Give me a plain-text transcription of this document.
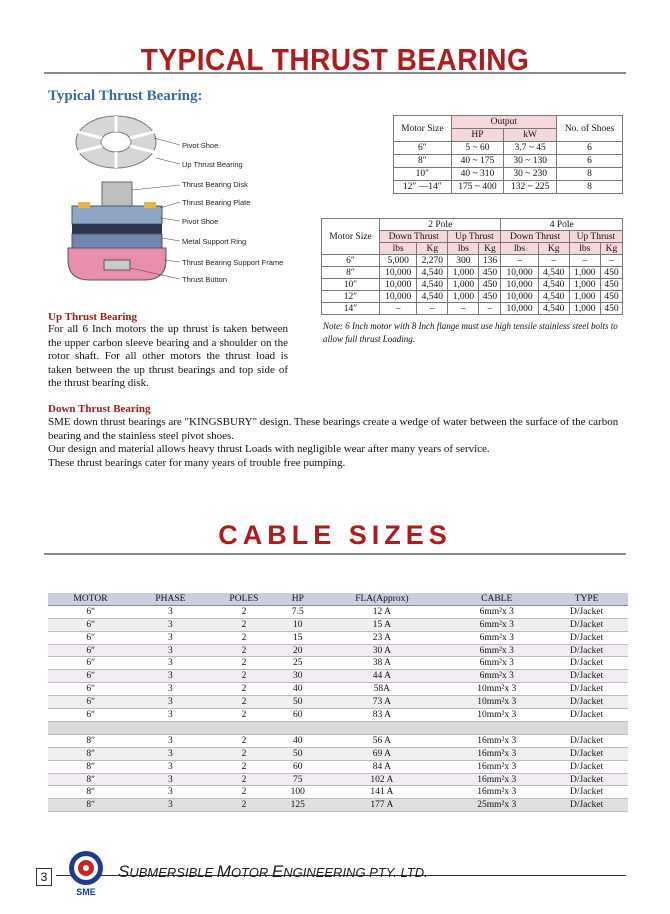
TYPICAL THRUST BEARING
Typical Thrust Bearing:
Pivot Shoe
Up Thrust Bearing
Thrust Bearing Disk
Thrust Bearing Plate
Pivot Shoe
Metal Support Ring
Thrust Bearing Support Frame
Thrust Button
Motor Size	Output		No. of Shoes
	HP	kW	
6″	5 ~ 60	3.7 ~ 45	6
8″	40 ~ 175	30 ~ 130	6
10″	40 ~ 310	30 ~ 230	8
12″ —14″	175 ~ 400	132 ~ 225	8
Motor Size	2 Pole				4 Pole			
	Down Thrust		Up Thrust		Down Thrust		Up Thrust	
	lbs	Kg	lbs	Kg	lbs	Kg	lbs	Kg
6″	5,000	2,270	300	136	–	–	–	–
8″	10,000	4,540	1,000	450	10,000	4,540	1,000	450
10″	10,000	4,540	1,000	450	10,000	4,540	1,000	450
12″	10,000	4,540	1,000	450	10,000	4,540	1,000	450
14″	–	–	–	–	10,000	4,540	1,000	450
Note: 6 Inch motor with 8 Inch flange must use high tensile stainless steel bolts to allow full thrust Loading.
Up Thrust Bearing
For all 6 Inch motors the up thrust is taken between the upper carbon sleeve bearing and a shoulder on the rotor shaft. For all other motors the thrust load is taken between the up thrust bearings and top side of the thrust bearing disk.
Down Thrust Bearing
SME down thrust bearings are "KINGSBURY" design. These bearings create a wedge of water between the surface of the carbon bearing and the stainless steel pivot shoes.
Our design and material allows heavy thrust Loads with negligible wear after many years of service.
These thrust bearings cater for many years of trouble free pumping.
CABLE SIZES
MOTOR	PHASE	POLES	HP	FLA(Approx)	CABLE	TYPE
6ʺ	3	2	7.5	12 A	6mm²x 3	D/Jacket
6ʺ	3	2	10	15 A	6mm²x 3	D/Jacket
6ʺ	3	2	15	23 A	6mm²x 3	D/Jacket
6ʺ	3	2	20	30 A	6mm²x 3	D/Jacket
6ʺ	3	2	25	38 A	6mm²x 3	D/Jacket
6ʺ	3	2	30	44 A	6mm²x 3	D/Jacket
6ʺ	3	2	40	58A	10mm²x 3	D/Jacket
6ʺ	3	2	50	73 A	10mm²x 3	D/Jacket
6ʺ	3	2	60	83 A	10mm²x 3	D/Jacket

8ʺ	3	2	40	56 A	16mm²x 3	D/Jacket
8ʺ	3	2	50	69 A	16mm²x 3	D/Jacket
8ʺ	3	2	60	84 A	16mm²x 3	D/Jacket
8ʺ	3	2	75	102 A	16mm²x 3	D/Jacket
8ʺ	3	2	100	141 A	16mm²x 3	D/Jacket
8ʺ	3	2	125	177 A	25mm²x 3	D/Jacket
3
SME
SUBMERSIBLE MOTOR ENGINEERING PTY. LTD.
